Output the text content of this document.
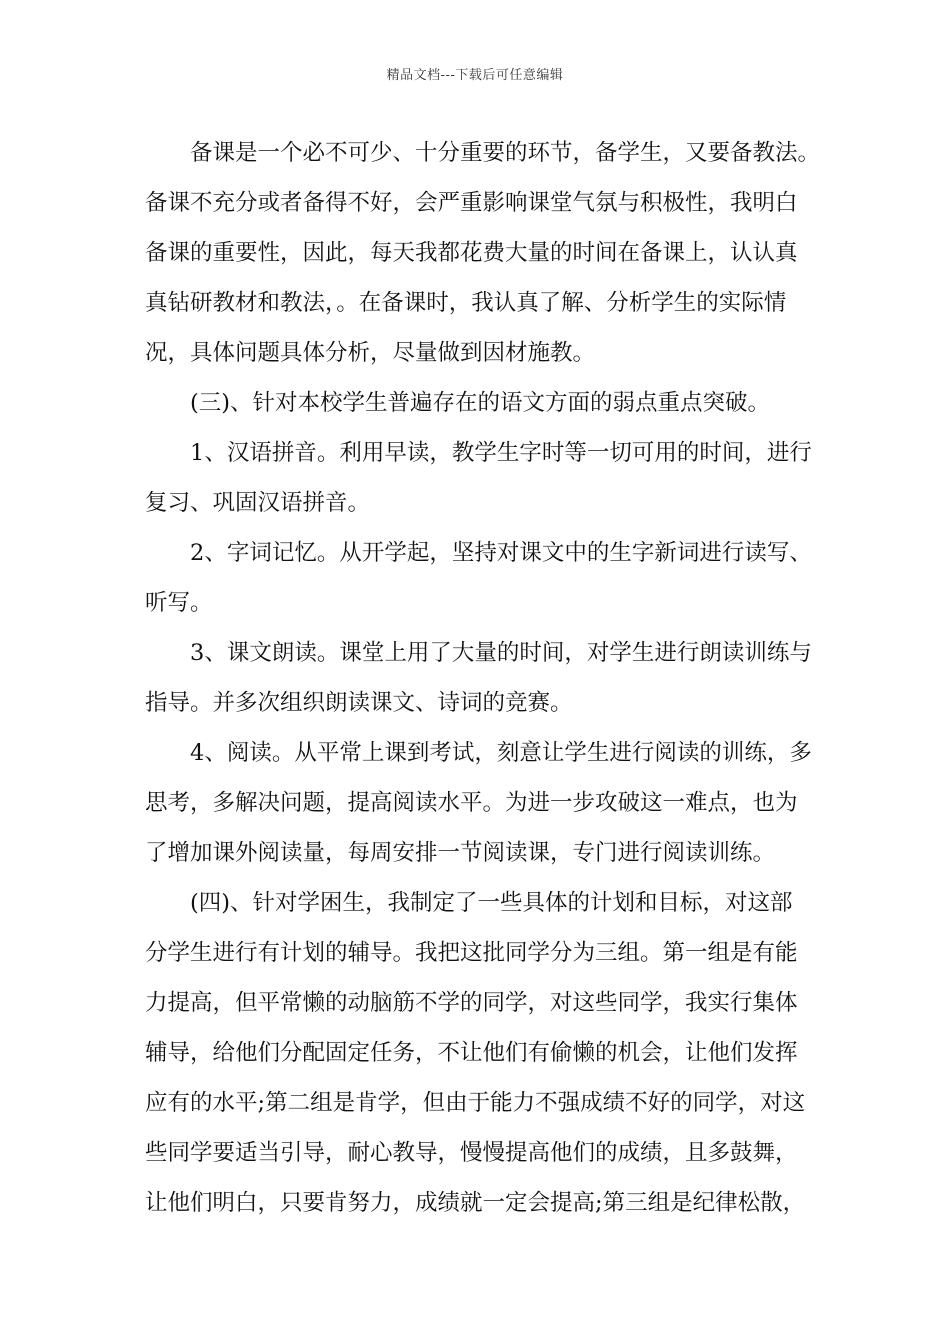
精品文档---下载后可任意编辑
备课是一个必不可少、十分重要的环节，备学生，又要备教法。
备课不充分或者备得不好，会严重影响课堂气氛与积极性，我明白
备课的重要性，因此，每天我都花费大量的时间在备课上，认认真
真钻研教材和教法，。在备课时，我认真了解、分析学生的实际情
况，具体问题具体分析，尽量做到因材施教。
(三)、针对本校学生普遍存在的语文方面的弱点重点突破。
1、汉语拼音。利用早读，教学生字时等一切可用的时间，进行
复习、巩固汉语拼音。
2、字词记忆。从开学起，坚持对课文中的生字新词进行读写、
听写。
3、课文朗读。课堂上用了大量的时间，对学生进行朗读训练与
指导。并多次组织朗读课文、诗词的竞赛。
4、阅读。从平常上课到考试，刻意让学生进行阅读的训练，多
思考，多解决问题，提高阅读水平。为进一步攻破这一难点，也为
了增加课外阅读量，每周安排一节阅读课，专门进行阅读训练。
(四)、针对学困生，我制定了一些具体的计划和目标，对这部
分学生进行有计划的辅导。我把这批同学分为三组。第一组是有能
力提高，但平常懒的动脑筋不学的同学，对这些同学，我实行集体
辅导，给他们分配固定任务，不让他们有偷懒的机会，让他们发挥
应有的水平;第二组是肯学，但由于能力不强成绩不好的同学，对这
些同学要适当引导，耐心教导，慢慢提高他们的成绩，且多鼓舞，
让他们明白，只要肯努力，成绩就一定会提高;第三组是纪律松散，
